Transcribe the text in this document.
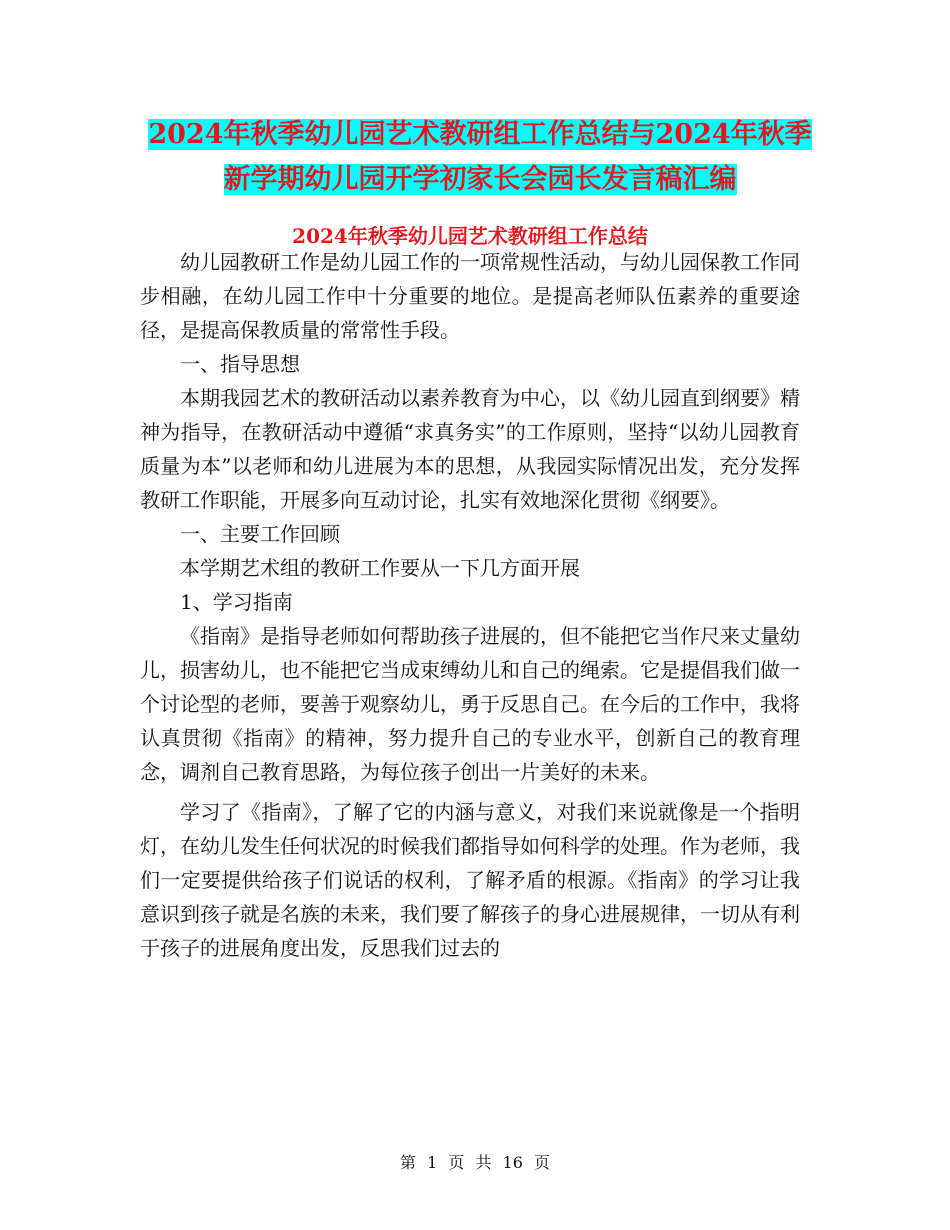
2024年秋季幼儿园艺术教研组工作总结与2024年秋季
新学期幼儿园开学初家长会园长发言稿汇编
2024年秋季幼儿园艺术教研组工作总结

幼儿园教研工作是幼儿园工作的一项常规性活动，与幼儿园保教工作同步相融，在幼儿园工作中十分重要的地位。是提高老师队伍素养的重要途径，是提高保教质量的常常性手段。

一、指导思想

本期我园艺术的教研活动以素养教育为中心，以《幼儿园直到纲要》精神为指导，在教研活动中遵循“求真务实”的工作原则，坚持“以幼儿园教育质量为本”以老师和幼儿进展为本的思想，从我园实际情况出发，充分发挥教研工作职能，开展多向互动讨论，扎实有效地深化贯彻《纲要》。

一、主要工作回顾

本学期艺术组的教研工作要从一下几方面开展

1、学习指南

《指南》是指导老师如何帮助孩子进展的，但不能把它当作尺来丈量幼儿，损害幼儿，也不能把它当成束缚幼儿和自己的绳索。它是提倡我们做一个讨论型的老师，要善于观察幼儿，勇于反思自己。在今后的工作中，我将认真贯彻《指南》的精神，努力提升自己的专业水平，创新自己的教育理念，调剂自己教育思路，为每位孩子创出一片美好的未来。

学习了《指南》，了解了它的内涵与意义，对我们来说就像是一个指明灯，在幼儿发生任何状况的时候我们都指导如何科学的处理。作为老师，我们一定要提供给孩子们说话的权利，了解矛盾的根源。《指南》的学习让我意识到孩子就是名族的未来，我们要了解孩子的身心进展规律，一切从有利于孩子的进展角度出发，反思我们过去的

第 1 页 共 16 页
